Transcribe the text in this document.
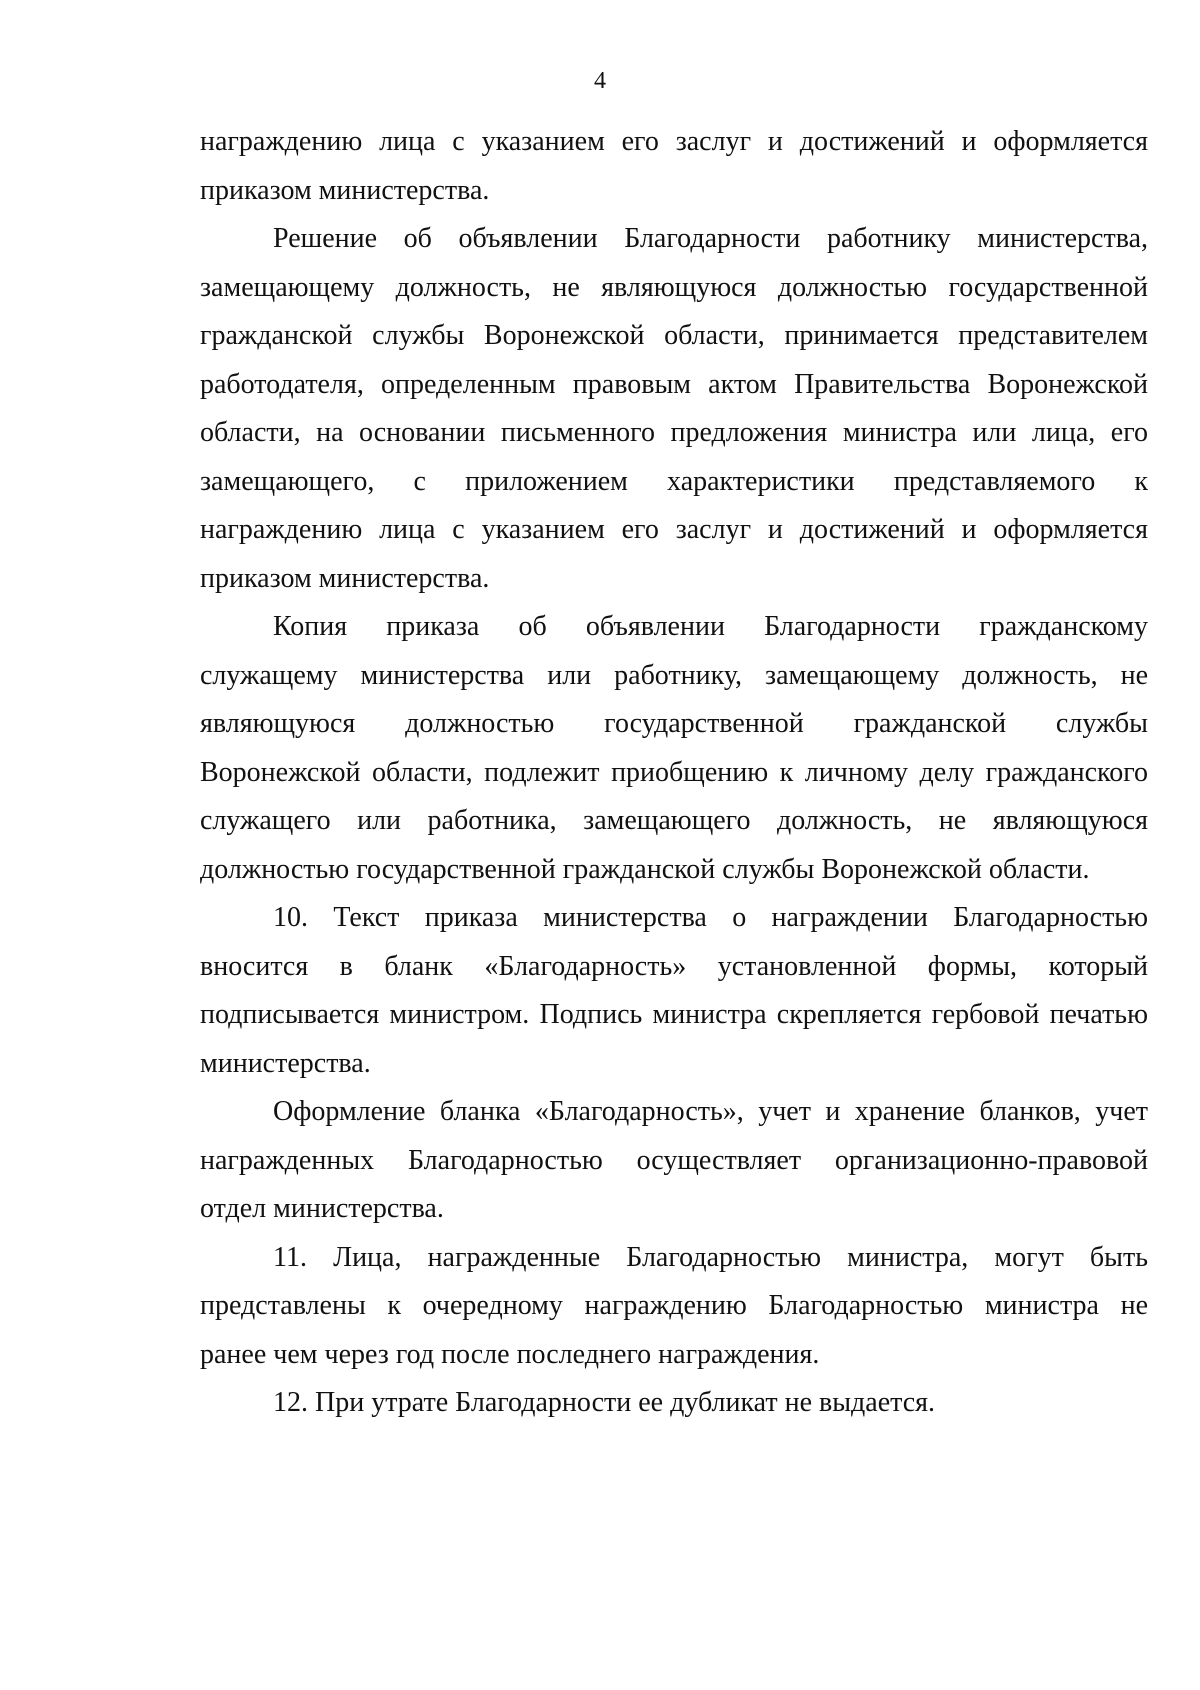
4
награждению лица с указанием его заслуг и достижений и оформляется
приказом министерства.
Решение об объявлении Благодарности работнику министерства,
замещающему должность, не являющуюся должностью государственной
гражданской службы Воронежской области, принимается представителем
работодателя, определенным правовым актом Правительства Воронежской
области, на основании письменного предложения министра или лица, его
замещающего, с приложением характеристики представляемого к
награждению лица с указанием его заслуг и достижений и оформляется
приказом министерства.
Копия приказа об объявлении Благодарности гражданскому
служащему министерства или работнику, замещающему должность, не
являющуюся должностью государственной гражданской службы
Воронежской области, подлежит приобщению к личному делу гражданского
служащего или работника, замещающего должность, не являющуюся
должностью государственной гражданской службы Воронежской области.
10. Текст приказа министерства о награждении Благодарностью
вносится в бланк «Благодарность» установленной формы, который
подписывается министром. Подпись министра скрепляется гербовой печатью
министерства.
Оформление бланка «Благодарность», учет и хранение бланков, учет
награжденных Благодарностью осуществляет организационно-правовой
отдел министерства.
11. Лица, награжденные Благодарностью министра, могут быть
представлены к очередному награждению Благодарностью министра не
ранее чем через год после последнего награждения.
12. При утрате Благодарности ее дубликат не выдается.
